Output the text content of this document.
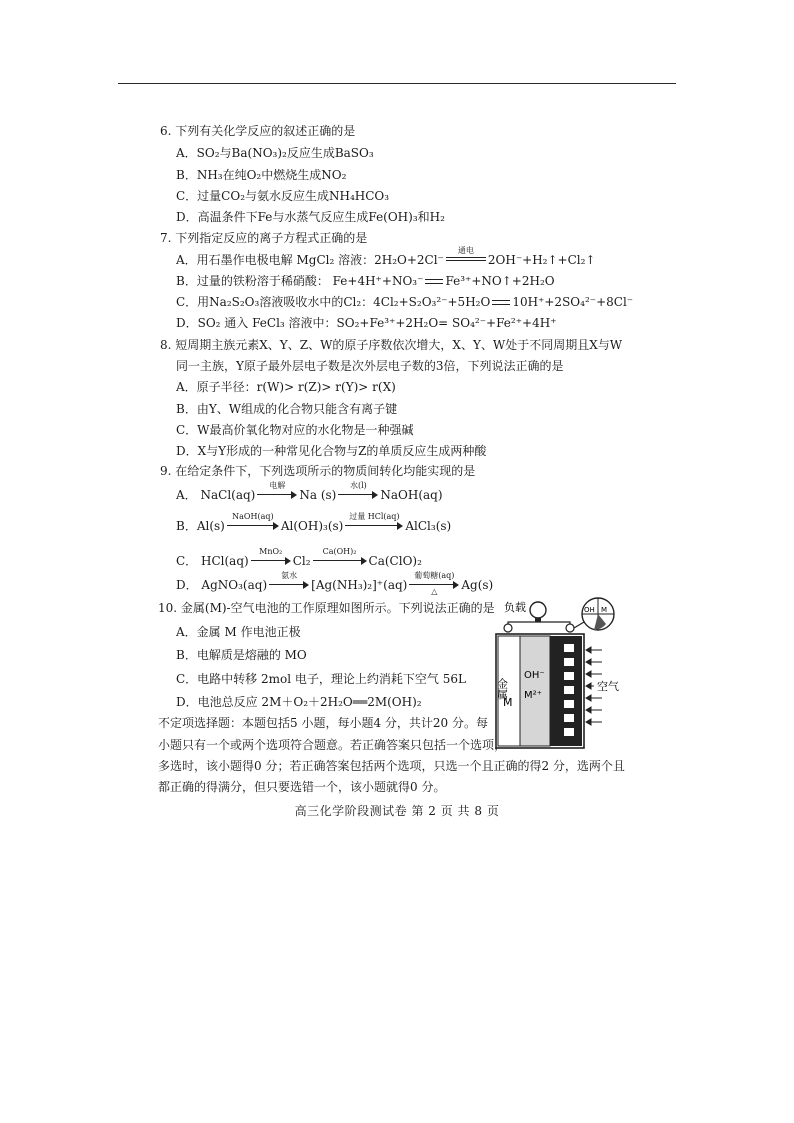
6. 下列有关化学反应的叙述正确的是
A．SO₂与Ba(NO₃)₂反应生成BaSO₃
B．NH₃在纯O₂中燃烧生成NO₂
C．过量CO₂与氨水反应生成NH₄HCO₃
D．高温条件下Fe与水蒸气反应生成Fe(OH)₃和H₂
7. 下列指定反应的离子方程式正确的是
A．用石墨作电极电解 MgCl₂ 溶液：2H₂O+2Cl⁻
通电
2OH⁻+H₂↑+Cl₂↑
B．过量的铁粉溶于稀硝酸： Fe+4H⁺+NO₃⁻ Fe³⁺+NO↑+2H₂O
C．用Na₂S₂O₃溶液吸收水中的Cl₂：4Cl₂+S₂O₃²⁻+5H₂O 10H⁺+2SO₄²⁻+8Cl⁻
D．SO₂ 通入 FeCl₃ 溶液中：SO₂+Fe³⁺+2H₂O= SO₄²⁻+Fe²⁺+4H⁺
8. 短周期主族元素X、Y、Z、W的原子序数依次增大，X、Y、W处于不同周期且X与W
同一主族，Y原子最外层电子数是次外层电子数的3倍，下列说法正确的是
A．原子半径：r(W)> r(Z)> r(Y)> r(X)
B．由Y、W组成的化合物只能含有离子键
C．W最高价氧化物对应的水化物是一种强碱
D．X与Y形成的一种常见化合物与Z的单质反应生成两种酸
9. 在给定条件下，下列选项所示的物质间转化均能实现的是
A． NaCl(aq)
电解
Na (s)
水(l)
NaOH(aq)
B．Al(s)
NaOH(aq)
Al(OH)₃(s)
过量 HCl(aq)
AlCl₃(s)
C． HCl(aq)
MnO₂
Cl₂
Ca(OH)₂
Ca(ClO)₂
D． AgNO₃(aq)
氨水
[Ag(NH₃)₂]⁺(aq)
葡萄糖(aq)
△	Ag(s)
10. 金属(M)-空气电池的工作原理如图所示。下列说法正确的是
A．金属 M 作电池正极
B．电解质是熔融的 MO
C．电路中转移 2mol 电子，理论上约消耗下空气 56L
D．电池总反应 2M＋O₂＋2H₂O══2M(OH)₂
负载	OH M
金属
M
OH⁻
M²⁺
空气
不定项选择题：本题包括5 小题，每小题4 分，共计20 分。每
小题只有一个或两个选项符合题意。若正确答案只包括一个选项，
多选时，该小题得0 分；若正确答案包括两个选项，只选一个且正确的得2 分，选两个且
都正确的得满分，但只要选错一个，该小题就得0 分。
高三化学阶段测试卷 第 2 页 共 8 页
